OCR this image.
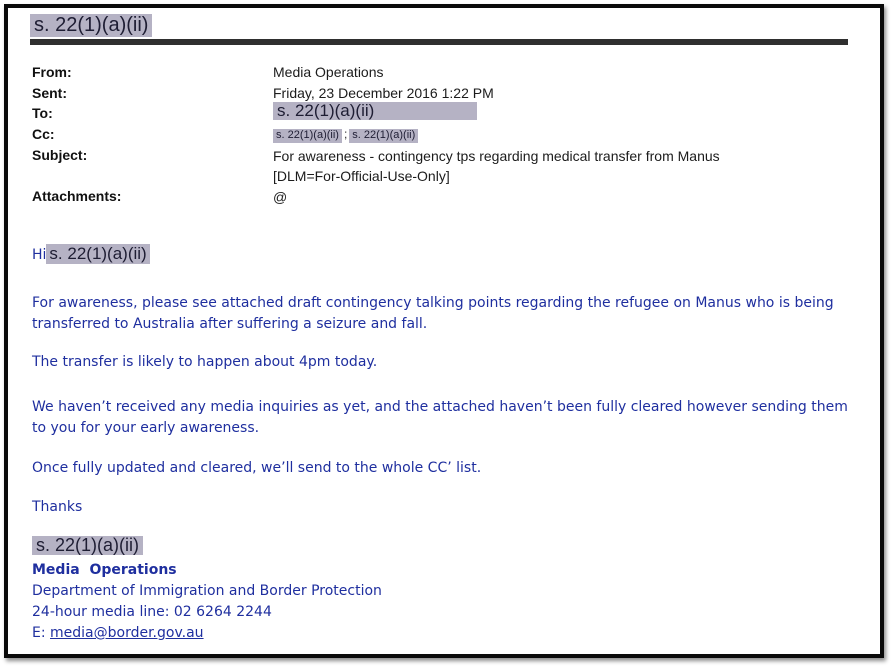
s. 22(1)(a)(ii)
From:	Media Operations
Sent:	Friday, 23 December 2016 1:22 PM
To:	s. 22(1)(a)(ii)
Cc:	s. 22(1)(a)(ii) ; s. 22(1)(a)(ii)
Subject:	For awareness - contingency tps regarding medical transfer from Manus
[DLM=For-Official-Use-Only]
Attachments:	@
Hi s. 22(1)(a)(ii)
For awareness, please see attached draft contingency talking points regarding the refugee on Manus who is being
transferred to Australia after suffering a seizure and fall.
The transfer is likely to happen about 4pm today.
We haven’t received any media inquiries as yet, and the attached haven’t been fully cleared however sending them
to you for your early awareness.
Once fully updated and cleared, we’ll send to the whole CC’ list.
Thanks
s. 22(1)(a)(ii)
Media  Operations
Department of Immigration and Border Protection
24-hour media line: 02 6264 2244
E: media@border.gov.au
